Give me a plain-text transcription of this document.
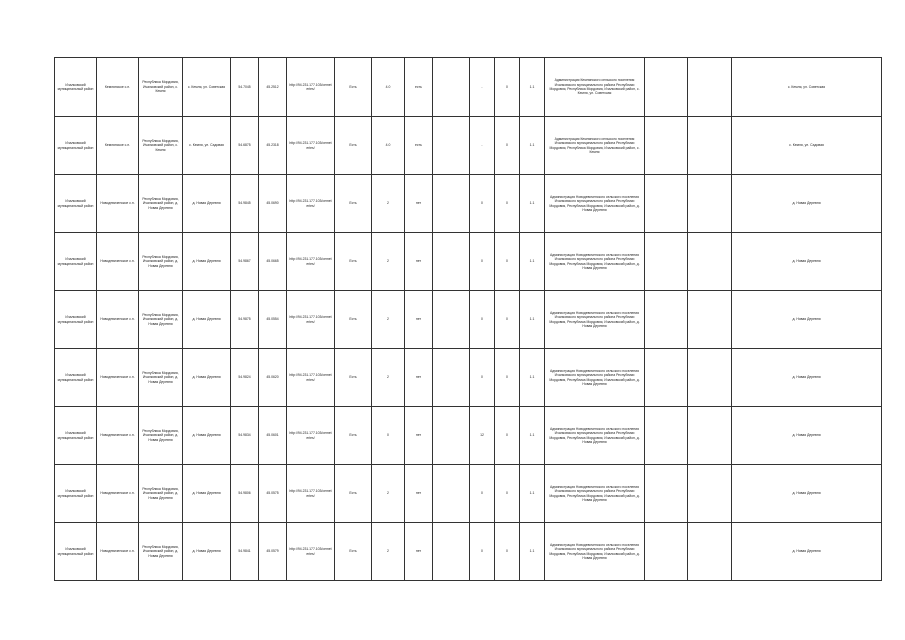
Ичалковский муниципальный район	Кемлянское с.п.	Республика Мордовия, Ичалковский район, с. Кемля	с. Кемля, ул. Советская	54.7045	45.2512	http://94.231.177.103/cemeteries/	Есть	4.0	есть		-	0	1.1	Администрация Кемлянского сельского поселения Ичалковского муниципального района Республики Мордовия, Республика Мордовия, Ичалковский район, с. Кемля, ул. Советская			с. Кемля, ул. Советская
Ичалковский муниципальный район	Кемлянское с.п.	Республика Мордовия, Ичалковский район, с. Кемля	с. Кемля, ул. Садовая	54.6875	45.2318	http://94.231.177.103/cemeteries/	Есть	4.0	есть		-	0	1.1	Администрация Кемлянского сельского поселения Ичалковского муниципального района Республики Мордовия, Республика Мордовия, Ичалковский район, с. Кемля			с. Кемля, ул. Садовая
Ичалковский муниципальный район	Новодевиченское с.п.	Республика Мордовия, Ичалковский район, д. Новая Деревня	д. Новая Деревня	54.9845	45.0690	http://94.231.177.103/cemeteries/	Есть	2	нет		0	0	1.1	Администрация Новодевиченского сельского поселения Ичалковского муниципального района Республики Мордовия, Республика Мордовия, Ичалковский район, д. Новая Деревня			д. Новая Деревня
Ичалковский муниципальный район	Новодевиченское с.п.	Республика Мордовия, Ичалковский район, д. Новая Деревня	д. Новая Деревня	54.9867	45.0665	http://94.231.177.103/cemeteries/	Есть	2	нет		0	0	1.1	Администрация Новодевиченского сельского поселения Ичалковского муниципального района Республики Мордовия, Республика Мордовия, Ичалковский район, д. Новая Деревня			д. Новая Деревня
Ичалковский муниципальный район	Новодевиченское с.п.	Республика Мордовия, Ичалковский район, д. Новая Деревня	д. Новая Деревня	54.9875	45.0554	http://94.231.177.103/cemeteries/	Есть	2	нет		0	0	1.1	Администрация Новодевиченского сельского поселения Ичалковского муниципального района Республики Мордовия, Республика Мордовия, Ичалковский район, д. Новая Деревня			д. Новая Деревня
Ичалковский муниципальный район	Новодевиченское с.п.	Республика Мордовия, Ичалковский район, д. Новая Деревня	д. Новая Деревня	54.9824	45.0620	http://94.231.177.103/cemeteries/	Есть	2	нет		0	0	1.1	Администрация Новодевиченского сельского поселения Ичалковского муниципального района Республики Мордовия, Республика Мордовия, Ичалковский район, д. Новая Деревня			д. Новая Деревня
Ичалковский муниципальный район	Новодевиченское с.п.	Республика Мордовия, Ичалковский район, д. Новая Деревня	д. Новая Деревня	54.9834	45.0601	http://94.231.177.103/cemeteries/	Есть	0	нет		12	0	1.1	Администрация Новодевиченского сельского поселения Ичалковского муниципального района Республики Мордовия, Республика Мордовия, Ичалковский район, д. Новая Деревня			д. Новая Деревня
Ичалковский муниципальный район	Новодевиченское с.п.	Республика Мордовия, Ичалковский район, д. Новая Деревня	д. Новая Деревня	54.9806	45.0575	http://94.231.177.103/cemeteries/	Есть	2	нет		0	0	1.1	Администрация Новодевиченского сельского поселения Ичалковского муниципального района Республики Мордовия, Республика Мордовия, Ичалковский район, д. Новая Деревня			д. Новая Деревня
Ичалковский муниципальный район	Новодевиченское с.п.	Республика Мордовия, Ичалковский район, д. Новая Деревня	д. Новая Деревня	54.9841	45.0579	http://94.231.177.103/cemeteries/	Есть	2	нет		0	0	1.1	Администрация Новодевиченского сельского поселения Ичалковского муниципального района Республики Мордовия, Республика Мордовия, Ичалковский район, д. Новая Деревня			д. Новая Деревня
